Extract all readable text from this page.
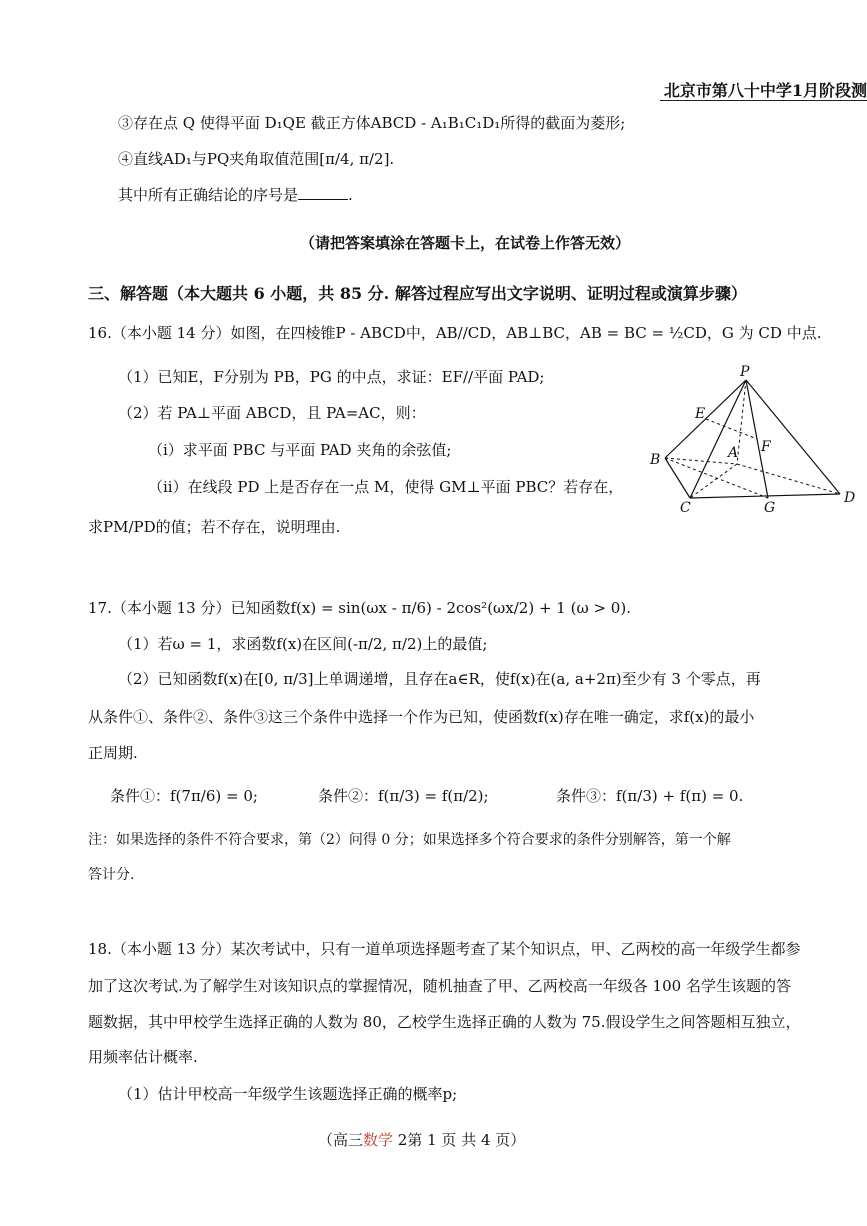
北京市第八十中学1月阶段测
③存在点 Q 使得平面 D₁QE 截正方体ABCD - A₁B₁C₁D₁所得的截面为菱形;
④直线AD₁与PQ夹角取值范围[π/4, π/2].
其中所有正确结论的序号是	.
（请把答案填涂在答题卡上，在试卷上作答无效）
三、解答题（本大题共 6 小题，共 85 分. 解答过程应写出文字说明、证明过程或演算步骤）
16.（本小题 14 分）如图，在四棱锥P - ABCD中，AB//CD，AB⊥BC，AB = BC = ½CD，G 为 CD 中点.
（1）已知E，F分别为 PB，PG 的中点，求证：EF//平面 PAD;
（2）若 PA⊥平面 ABCD，且 PA=AC，则：
（i）求平面 PBC 与平面 PAD 夹角的余弦值;
（ii）在线段 PD 上是否存在一点 M，使得 GM⊥平面 PBC？若存在，
求PM/PD的值；若不存在，说明理由.
P
E
F
A
B
C	G
D
17.（本小题 13 分）已知函数f(x) = sin(ωx - π/6) - 2cos²(ωx/2) + 1 (ω > 0).
（1）若ω = 1，求函数f(x)在区间(-π/2, π/2)上的最值;
（2）已知函数f(x)在[0, π/3]上单调递增，且存在a∈R，使f(x)在(a, a+2π)至少有 3 个零点，再
从条件①、条件②、条件③这三个条件中选择一个作为已知，使函数f(x)存在唯一确定，求f(x)的最小
正周期.
条件①：f(7π/6) = 0;	条件②：f(π/3) = f(π/2);	条件③：f(π/3) + f(π) = 0.
注：如果选择的条件不符合要求，第（2）问得 0 分；如果选择多个符合要求的条件分别解答，第一个解
答计分.
18.（本小题 13 分）某次考试中，只有一道单项选择题考查了某个知识点，甲、乙两校的高一年级学生都参
加了这次考试.为了解学生对该知识点的掌握情况，随机抽查了甲、乙两校高一年级各 100 名学生该题的答
题数据，其中甲校学生选择正确的人数为 80，乙校学生选择正确的人数为 75.假设学生之间答题相互独立，
用频率估计概率.
（1）估计甲校高一年级学生该题选择正确的概率p;
（高三数学 2第 1 页 共 4 页）
